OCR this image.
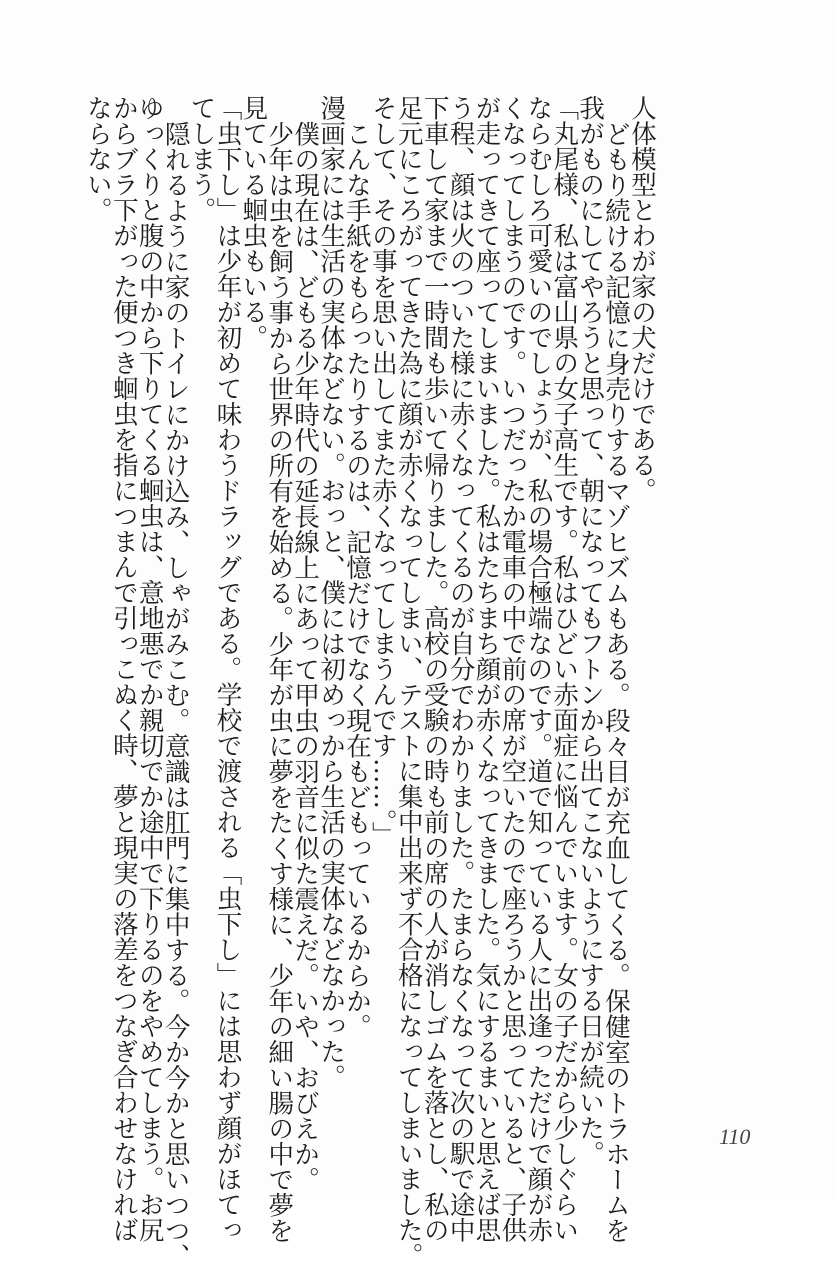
人体模型とわが家の犬だけである。
どもり続ける記憶に身売りするマゾヒズムもある。段々目が充血してくる。保健室のトラホームを
我がものにしてやろうと思って、朝になってもフトンから出てこないようにする日が続いた。
「丸尾様、私は富山県の女子高生です。私はひどい赤面症に悩んでいます。女の子だから少しぐらい
ならむしろ可愛いのでしょうが、私の場合極端なのです。道で知っている人に出逢っただけで顔が赤
くなってしまうのです。いつだったか電車の中で前の席が空いたので座ろうかと思っていると、子供
が走ってきて座ってしまいました。私はたちまち顔が赤くなってきました。気にするまいと思えば思
う程、顔は火のついた様に赤くなってくるのが自分でわかりました。たまらなくなって次の駅で途中
下車して家まで一時間も歩いて帰りました。高校の受験の時も前の席の人が消しゴムを落とし、私の
足元にころがってきた為に顔が赤くなってしまい、テストに集中出来ず不合格になってしまいました。
そして、その事を思い出してまた赤くなってしまうんです……。」
こんな手紙をもらったりするのは、記憶だけでなく現在もどもっているからか。
漫画家には生活の実体などない。おっと、僕には初めっから生活の実体などなかった。
僕の現在は、どもる少年時代の延長線上にあって甲虫の羽音に似た震えだ。いや、おびえか。
少年は虫を飼う事から世界の所有を始める。少年が虫に夢をたくす様に、少年の細い腸の中で夢を
見ている蛔虫もいる。
「虫下し」は少年が初めて味わうドラッグである。学校で渡される「虫下し」には思わず顔がほてっ
てしまう。
隠れるように家のトイレにかけ込み、しゃがみこむ。意識は肛門に集中する。今か今かと思いつつ、
ゆっくりと腹の中から下りてくる蛔虫は、意地悪でか親切でか途中で下りるのをやめてしまう。お尻
からブラ下がった便つき蛔虫を指につまんで引っこぬく時、夢と現実の落差をつなぎ合わせなければ
ならない。
110
